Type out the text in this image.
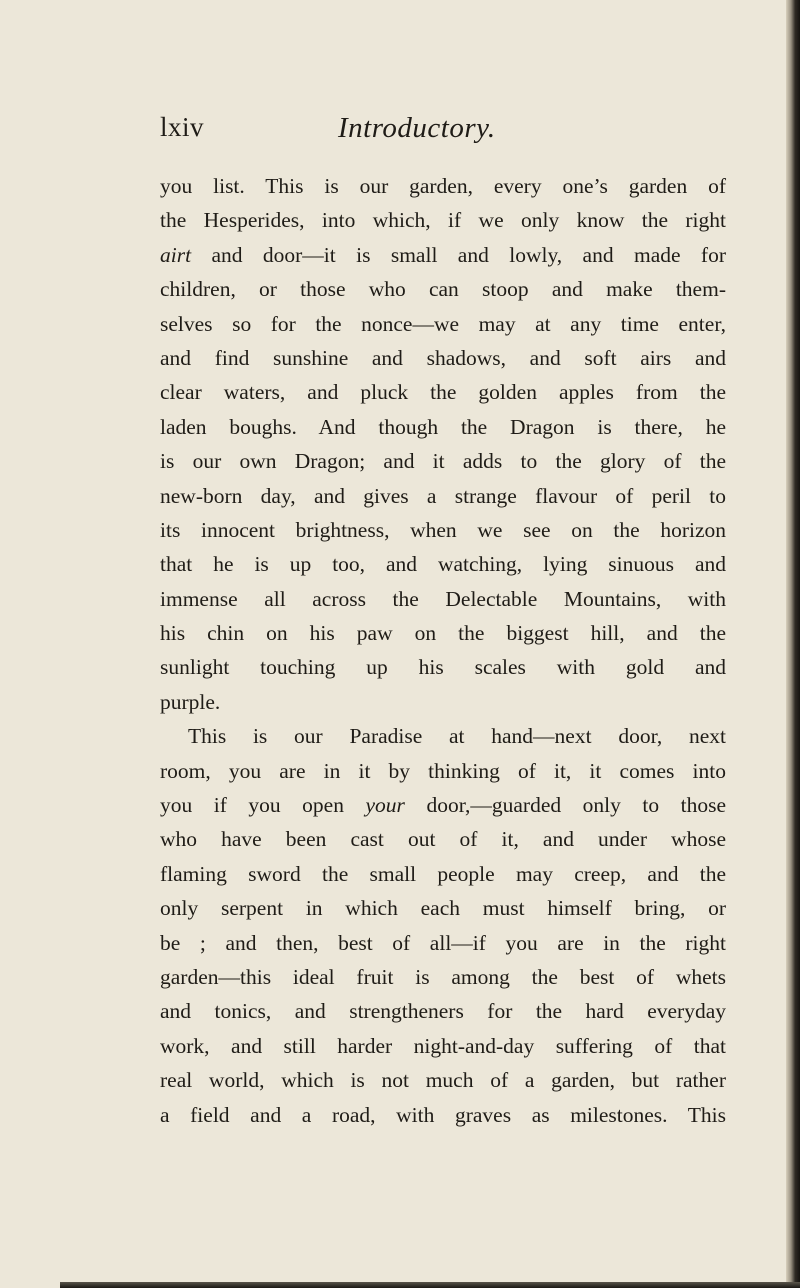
lxiv	Introductory.
you list. This is our garden, every one’s garden of
the Hesperides, into which, if we only know the right
airt and door—it is small and lowly, and made for
children, or those who can stoop and make them-
selves so for the nonce—we may at any time enter,
and find sunshine and shadows, and soft airs and
clear waters, and pluck the golden apples from the
laden boughs. And though the Dragon is there, he
is our own Dragon; and it adds to the glory of the
new-born day, and gives a strange flavour of peril to
its innocent brightness, when we see on the horizon
that he is up too, and watching, lying sinuous and
immense all across the Delectable Mountains, with
his chin on his paw on the biggest hill, and the
sunlight touching up his scales with gold and
purple.
This is our Paradise at hand—next door, next
room, you are in it by thinking of it, it comes into
you if you open your door,—guarded only to those
who have been cast out of it, and under whose
flaming sword the small people may creep, and the
only serpent in which each must himself bring, or
be ; and then, best of all—if you are in the right
garden—this ideal fruit is among the best of whets
and tonics, and strengtheners for the hard everyday
work, and still harder night-and-day suffering of that
real world, which is not much of a garden, but rather
a field and a road, with graves as milestones. This
